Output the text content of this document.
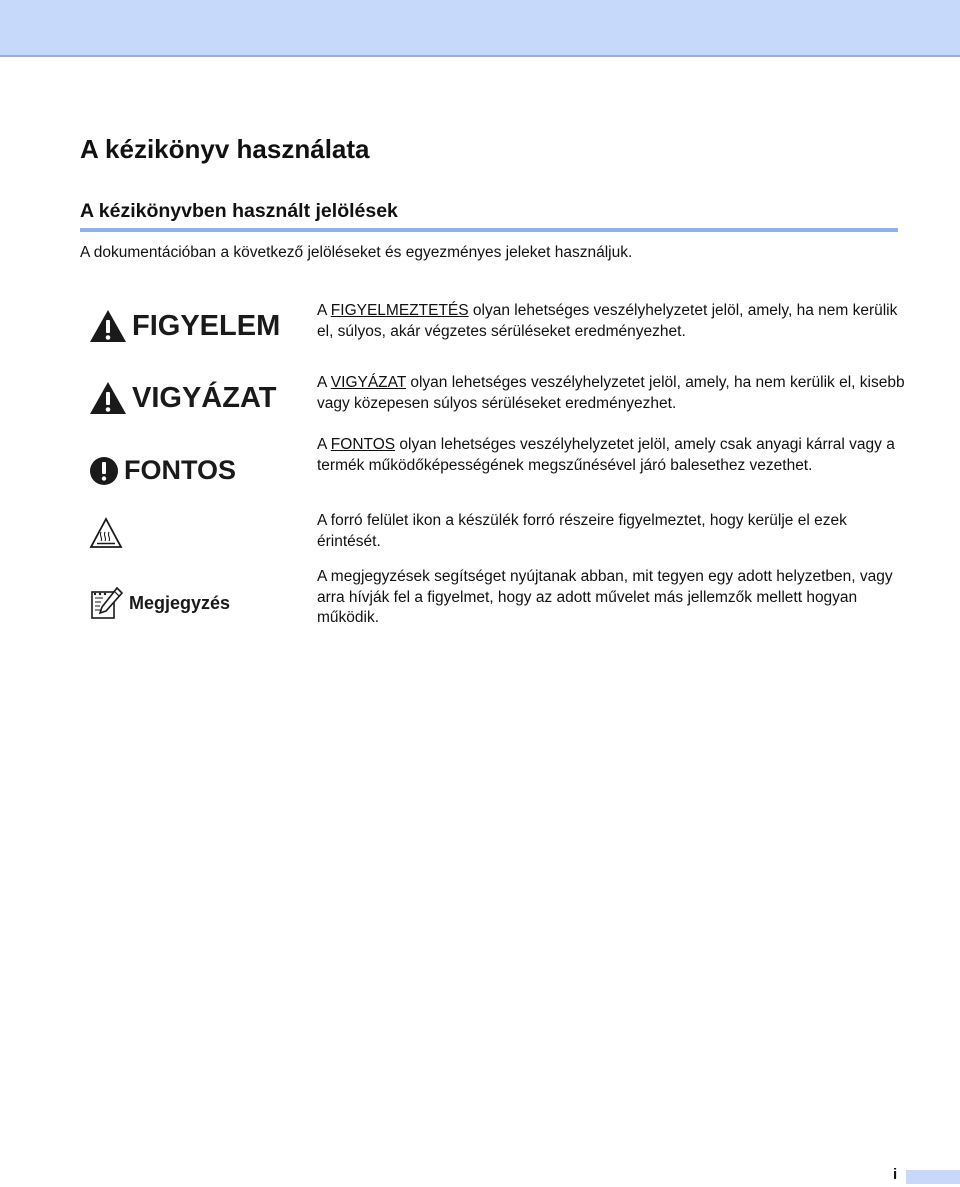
A kézikönyv használata
A kézikönyvben használt jelölések

A dokumentációban a következő jelöléseket és egyezményes jeleket használjuk.

FIGYELEM A FIGYELMEZTETÉS olyan lehetséges veszélyhelyzetet jelöl, amely, ha nem kerülik el, súlyos, akár végzetes sérüléseket eredményezhet.

VIGYÁZAT	A VIGYÁZAT olyan lehetséges veszélyhelyzetet jelöl, amely, ha nem kerülik el, kisebb vagy közepesen súlyos sérüléseket eredményezhet.

FONTOS

A FONTOS olyan lehetséges veszélyhelyzetet jelöl, amely csak anyagi kárral vagy a termék működőképességének megszűnésével járó balesethez vezethet.

A forró felület ikon a készülék forró részeire figyelmeztet, hogy kerülje el ezek érintését.

Megjegyzés

A megjegyzések segítséget nyújtanak abban, mit tegyen egy adott helyzetben, vagy arra hívják fel a figyelmet, hogy az adott művelet más jellemzők mellett hogyan működik.

i
